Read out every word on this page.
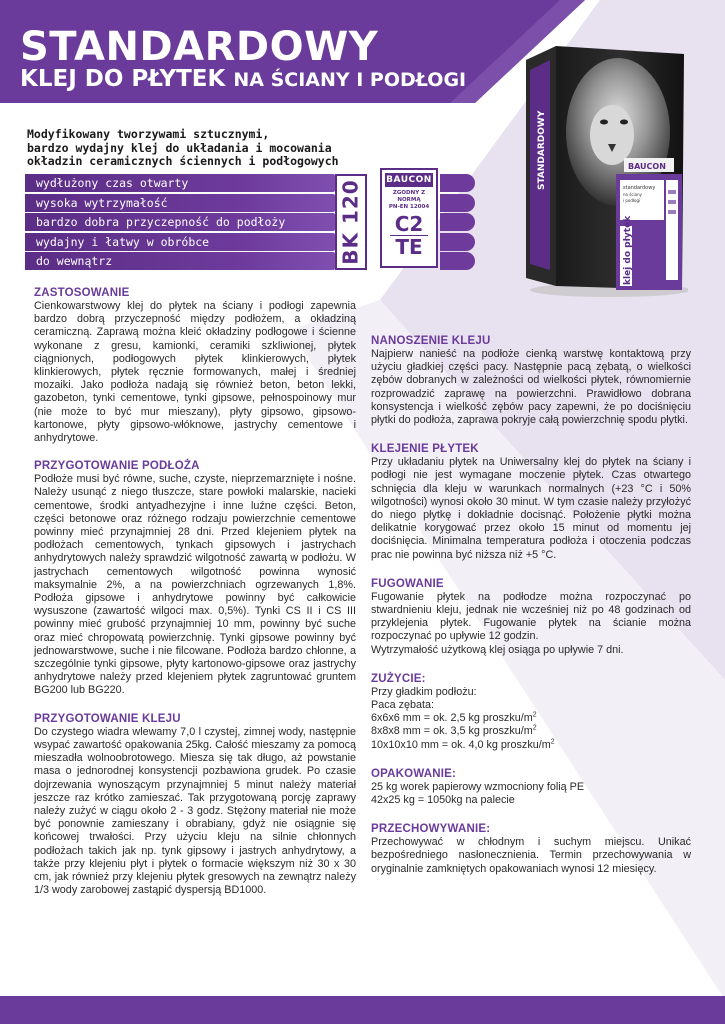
STANDARDOWY
KLEJ DO PŁYTEK NA ŚCIANY I PODŁOGI
Modyfikowany tworzywami sztucznymi,
bardzo wydajny klej do układania i mocowania
okładzin ceramicznych ściennych i podłogowych
wydłużony czas otwarty
wysoka wytrzymałość
bardzo dobra przyczepność do podłoży
wydajny i łatwy w obróbce
do wewnątrz	BK 120	BAUCON
ZGODNY Z NORMĄ
PN-EN 12004
C2
TE
BAUCON
standardowy
na ściany
i podłogi
klej do płytek
STANDARDOWY
ZASTOSOWANIE
Cienkowarstwowy klej do płytek na ściany i podłogi zapewnia bardzo dobrą przyczepność między podłożem, a okładziną ceramiczną. Zaprawą można kleić okładziny podłogowe i ścienne wykonane z gresu, kamionki, ceramiki szkliwionej, płytek ciągnionych, podłogowych płytek klinkierowych, płytek klinkierowych, płytek ręcznie formowanych, małej i średniej mozaiki. Jako podłoża nadają się również beton, beton lekki, gazobeton, tynki cementowe, tynki gipsowe, pełnospoinowy mur (nie może to być mur mieszany), płyty gipsowo, gipsowo-kartonowe, płyty gipsowo-włóknowe, jastrychy cementowe i anhydrytowe.
PRZYGOTOWANIE PODŁOŻA
Podłoże musi być równe, suche, czyste, nieprzemarznięte i nośne. Należy usunąć z niego tłuszcze, stare powłoki malarskie, nacieki cementowe, środki antyadhezyjne i inne luźne części. Beton, części betonowe oraz różnego rodzaju powierzchnie cementowe powinny mieć przynajmniej 28 dni. Przed klejeniem płytek na podłożach cementowych, tynkach gipsowych i jastrychach anhydrytowych należy sprawdzić wilgotność zawartą w podłożu. W jastrychach cementowych wilgotność powinna wynosić maksymalnie 2%, a na powierzchniach ogrzewanych 1,8%. Podłoża gipsowe i anhydrytowe powinny być całkowicie wysuszone (zawartość wilgoci max. 0,5%). Tynki CS II i CS III powinny mieć grubość przynajmniej 10 mm, powinny być suche oraz mieć chropowatą powierzchnię. Tynki gipsowe powinny być jednowarstwowe, suche i nie filcowane. Podłoża bardzo chłonne, a szczególnie tynki gipsowe, płyty kartonowo-gipsowe oraz jastrychy anhydrytowe należy przed klejeniem płytek zagruntować gruntem BG200 lub BG220.
PRZYGOTOWANIE KLEJU
Do czystego wiadra wlewamy 7,0 l czystej, zimnej wody, następnie wsypać zawartość opakowania 25kg. Całość mieszamy za pomocą mieszadła wolnoobrotowego. Miesza się tak długo, aż powstanie masa o jednorodnej konsystencji pozbawiona grudek. Po czasie dojrzewania wynoszącym przynajmniej 5 minut należy materiał jeszcze raz krótko zamieszać. Tak przygotowaną porcję zaprawy należy zużyć w ciągu około 2 - 3 godz. Stężony materiał nie może być ponownie zamieszany i obrabiany, gdyż nie osiągnie się końcowej trwałości. Przy użyciu kleju na silnie chłonnych podłożach takich jak np. tynk gipsowy i jastrych anhydrytowy, a także przy klejeniu płyt i płytek o formacie większym niż 30 x 30 cm, jak również przy klejeniu płytek gresowych na zewnątrz należy 1/3 wody zarobowej zastąpić dyspersją BD1000.
NANOSZENIE KLEJU
Najpierw nanieść na podłoże cienką warstwę kontaktową przy użyciu gładkiej części pacy. Następnie pacą zębatą, o wielkości zębów dobranych w zależności od wielkości płytek, równomiernie rozprowadzić zaprawę na powierzchni. Prawidłowo dobrana konsystencja i wielkość zębów pacy zapewni, że po dociśnięciu płytki do podłoża, zaprawa pokryje całą powierzchnię spodu płytki.
KLEJENIE PŁYTEK
Przy układaniu płytek na Uniwersalny klej do płytek na ściany i podłogi nie jest wymagane moczenie płytek. Czas otwartego schnięcia dla kleju w warunkach normalnych (+23 °C i 50% wilgotności) wynosi około 30 minut. W tym czasie należy przyłożyć do niego płytkę i dokładnie docisnąć. Położenie płytki można delikatnie korygować przez około 15 minut od momentu jej dociśnięcia. Minimalna temperatura podłoża i otoczenia podczas prac nie powinna być niższa niż +5 °C.
FUGOWANIE
Fugowanie płytek na podłodze można rozpoczynać po stwardnieniu kleju, jednak nie wcześniej niż po 48 godzinach od przyklejenia płytek. Fugowanie płytek na ścianie można rozpoczynać po upływie 12 godzin.
Wytrzymałość użytkową klej osiąga po upływie 7 dni.
ZUŻYCIE:
Przy gładkim podłożu:
Paca zębata:
6x6x6 mm = ok. 2,5 kg proszku/$m^2$
8x8x8 mm = ok. 3,5 kg proszku/$m^2$
10x10x10 mm = ok. 4,0 kg proszku/$m^2$
OPAKOWANIE:
25 kg worek papierowy wzmocniony folią PE
42x25 kg = 1050kg na palecie
PRZECHOWYWANIE:
Przechowywać w chłodnym i suchym miejscu. Unikać bezpośredniego nasłonecznienia. Termin przechowywania w oryginalnie zamkniętych opakowaniach wynosi 12 miesięcy.
